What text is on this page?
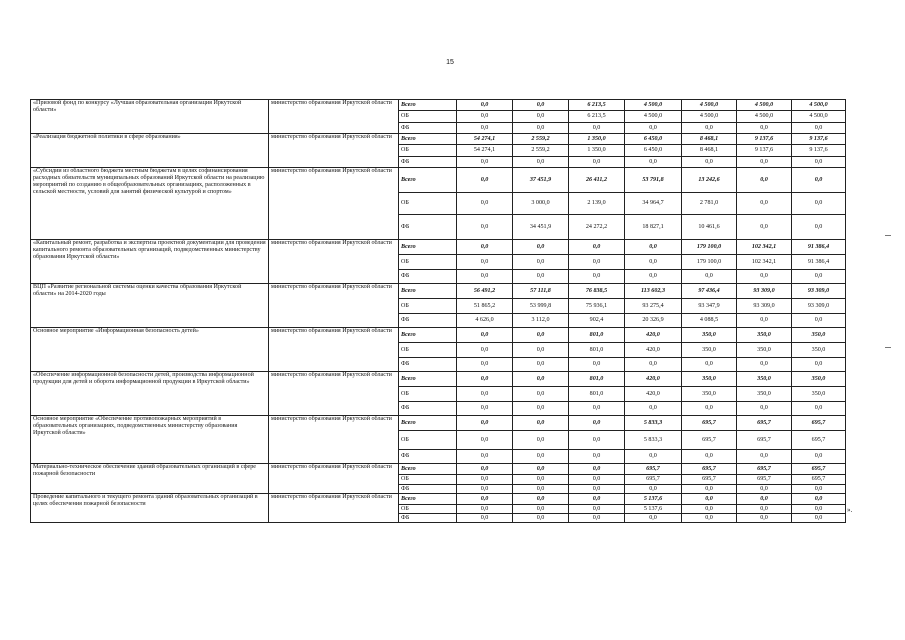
15
«Призовой фонд по конкурсу «Лучшая образовательная организация Иркутской области»	министерство образования Иркутской области	Всего	0,0	0,0	6 213,5	4 500,0	4 500,0	4 500,0	4 500,0
		ОБ	0,0	0,0	6 213,5	4 500,0	4 500,0	4 500,0	4 500,0
		ФБ	0,0	0,0	0,0	0,0	0,0	0,0	0,0
«Реализация бюджетной политики в сфере образования»	министерство образования Иркутской области	Всего	54 274,1	2 559,2	1 350,0	6 450,0	8 468,1	9 137,6	9 137,6
		ОБ	54 274,1	2 559,2	1 350,0	6 450,0	8 468,1	9 137,6	9 137,6
		ФБ	0,0	0,0	0,0	0,0	0,0	0,0	0,0
«Субсидии из областного бюджета местным бюджетам в целях софинансирования расходных обязательств муниципальных образований Иркутской области на реализацию мероприятий по созданию в общеобразовательных организациях, расположенных в сельской местности, условий для занятий физической культурой и спортом»	министерство образования Иркутской области	Всего	0,0	37 451,9	26 411,2	53 791,8	13 242,6	0,0	0,0
		ОБ	0,0	3 000,0	2 139,0	34 964,7	2 781,0	0,0	0,0
		ФБ	0,0	34 451,9	24 272,2	18 827,1	10 461,6	0,0	0,0
«Капитальный ремонт, разработка и экспертиза проектной документации для проведения капитального ремонта образовательных организаций, подведомственных министерству образования Иркутской области»	министерство образования Иркутской области	Всего	0,0	0,0	0,0	0,0	179 100,0	102 342,1	91 386,4
		ОБ	0,0	0,0	0,0	0,0	179 100,0	102 342,1	91 386,4
		ФБ	0,0	0,0	0,0	0,0	0,0	0,0	0,0
ВЦП «Развитие региональной системы оценки качества образования Иркутской области» на 2014-2020 годы	министерство образования Иркутской области	Всего	56 491,2	57 111,8	76 838,5	113 602,3	97 436,4	93 309,0	93 309,0
		ОБ	51 865,2	53 999,8	75 936,1	93 275,4	93 347,9	93 309,0	93 309,0
		ФБ	4 626,0	3 112,0	902,4	20 326,9	4 088,5	0,0	0,0
Основное мероприятие «Информационная безопасность детей»	министерство образования Иркутской области	Всего	0,0	0,0	801,0	420,0	350,0	350,0	350,0
		ОБ	0,0	0,0	801,0	420,0	350,0	350,0	350,0
		ФБ	0,0	0,0	0,0	0,0	0,0	0,0	0,0
«Обеспечение информационной безопасности детей, производства информационной продукции для детей и оборота информационной продукции в Иркутской области»	министерство образования Иркутской области	Всего	0,0	0,0	801,0	420,0	350,0	350,0	350,0
		ОБ	0,0	0,0	801,0	420,0	350,0	350,0	350,0
		ФБ	0,0	0,0	0,0	0,0	0,0	0,0	0,0
Основное мероприятие «Обеспечение противопожарных мероприятий в образовательных организациях, подведомственных министерству образования Иркутской области»	министерство образования Иркутской области	Всего	0,0	0,0	0,0	5 833,3	695,7	695,7	695,7
		ОБ	0,0	0,0	0,0	5 833,3	695,7	695,7	695,7
		ФБ	0,0	0,0	0,0	0,0	0,0	0,0	0,0
Материально-техническое обеспечение зданий образовательных организаций в сфере пожарной безопасности	министерство образования Иркутской области	Всего	0,0	0,0	0,0	695,7	695,7	695,7	695,7
		ОБ	0,0	0,0	0,0	695,7	695,7	695,7	695,7
		ФБ	0,0	0,0	0,0	0,0	0,0	0,0	0,0
Проведение капитального и текущего ремонта зданий образовательных организаций в целях обеспечения пожарной безопасности	министерство образования Иркутской области	Всего	0,0	0,0	0,0	5 137,6	0,0	0,0	0,0
		ОБ	0,0	0,0	0,0	5 137,6	0,0	0,0	0,0
		ФБ	0,0	0,0	0,0	0,0	0,0	0,0	0,0
».
